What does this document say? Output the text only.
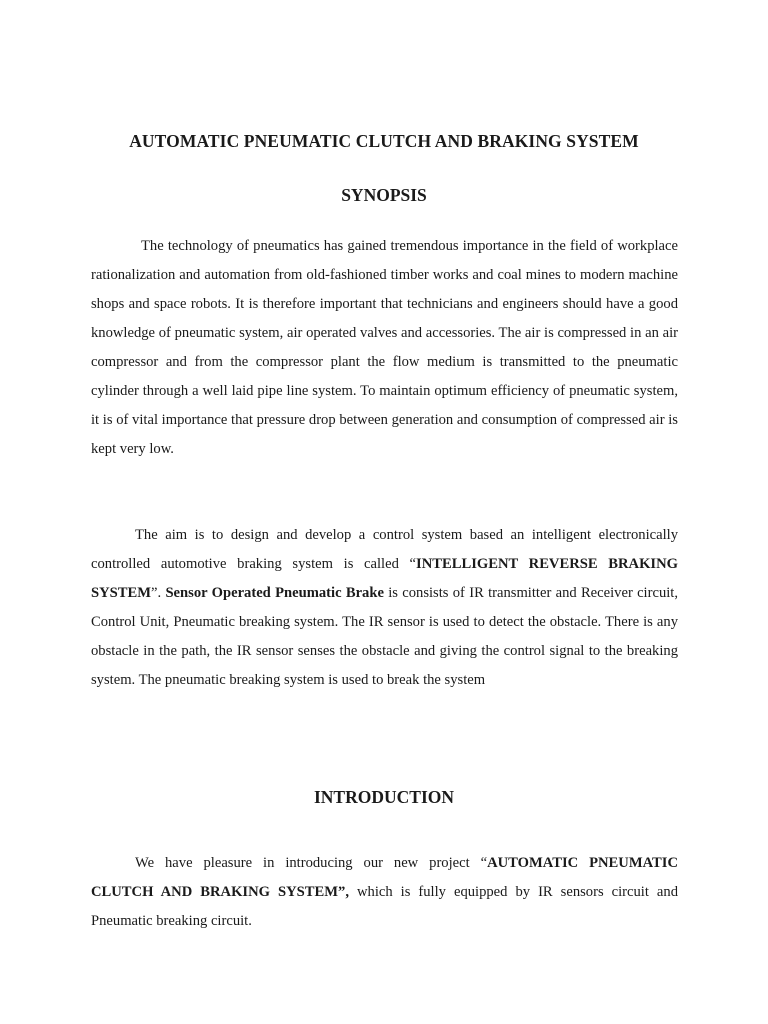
AUTOMATIC PNEUMATIC CLUTCH AND BRAKING SYSTEM
SYNOPSIS

The technology of pneumatics has gained tremendous importance in the field of workplace rationalization and automation from old-fashioned timber works and coal mines to modern machine shops and space robots. It is therefore important that technicians and engineers should have a good knowledge of pneumatic system, air operated valves and accessories. The air is compressed in an air compressor and from the compressor plant the flow medium is transmitted to the pneumatic cylinder through a well laid pipe line system. To maintain optimum efficiency of pneumatic system, it is of vital importance that pressure drop between generation and consumption of compressed air is kept very low.

The aim is to design and develop a control system based an intelligent electronically controlled automotive braking system is called “INTELLIGENT REVERSE BRAKING SYSTEM”. Sensor Operated Pneumatic Brake is consists of IR transmitter and Receiver circuit, Control Unit, Pneumatic breaking system. The IR sensor is used to detect the obstacle. There is any obstacle in the path, the IR sensor senses the obstacle and giving the control signal to the breaking system. The pneumatic breaking system is used to break the system

INTRODUCTION

We have pleasure in introducing our new project “AUTOMATIC PNEUMATIC CLUTCH AND BRAKING SYSTEM”, which is fully equipped by IR sensors circuit and Pneumatic breaking circuit.
